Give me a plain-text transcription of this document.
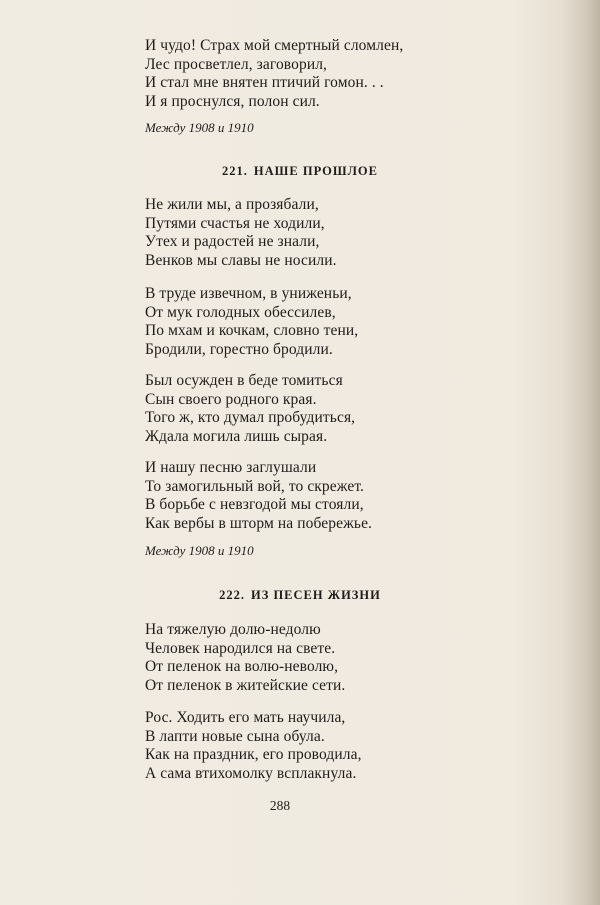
И чудо! Страх мой смертный сломлен,
Лес просветлел, заговорил,
И стал мне внятен птичий гомон. . .
И я проснулся, полон сил.
Между 1908 и 1910
221. НАШЕ ПРОШЛОЕ
Не жили мы, а прозябали,
Путями счастья не ходили,
Утех и радостей не знали,
Венков мы славы не носили.
В труде извечном, в униженьи,
От мук голодных обессилев,
По мхам и кочкам, словно тени,
Бродили, горестно бродили.
Был осужден в беде томиться
Сын своего родного края.
Того ж, кто думал пробудиться,
Ждала могила лишь сырая.
И нашу песню заглушали
То замогильный вой, то скрежет.
В борьбе с невзгодой мы стояли,
Как вербы в шторм на побережье.
Между 1908 и 1910
222. ИЗ ПЕСЕН ЖИЗНИ
На тяжелую долю-недолю
Человек народился на свете.
От пеленок на волю-неволю,
От пеленок в житейские сети.
Рос. Ходить его мать научила,
В лапти новые сына обула.
Как на праздник, его проводила,
А сама втихомолку всплакнула.
288
